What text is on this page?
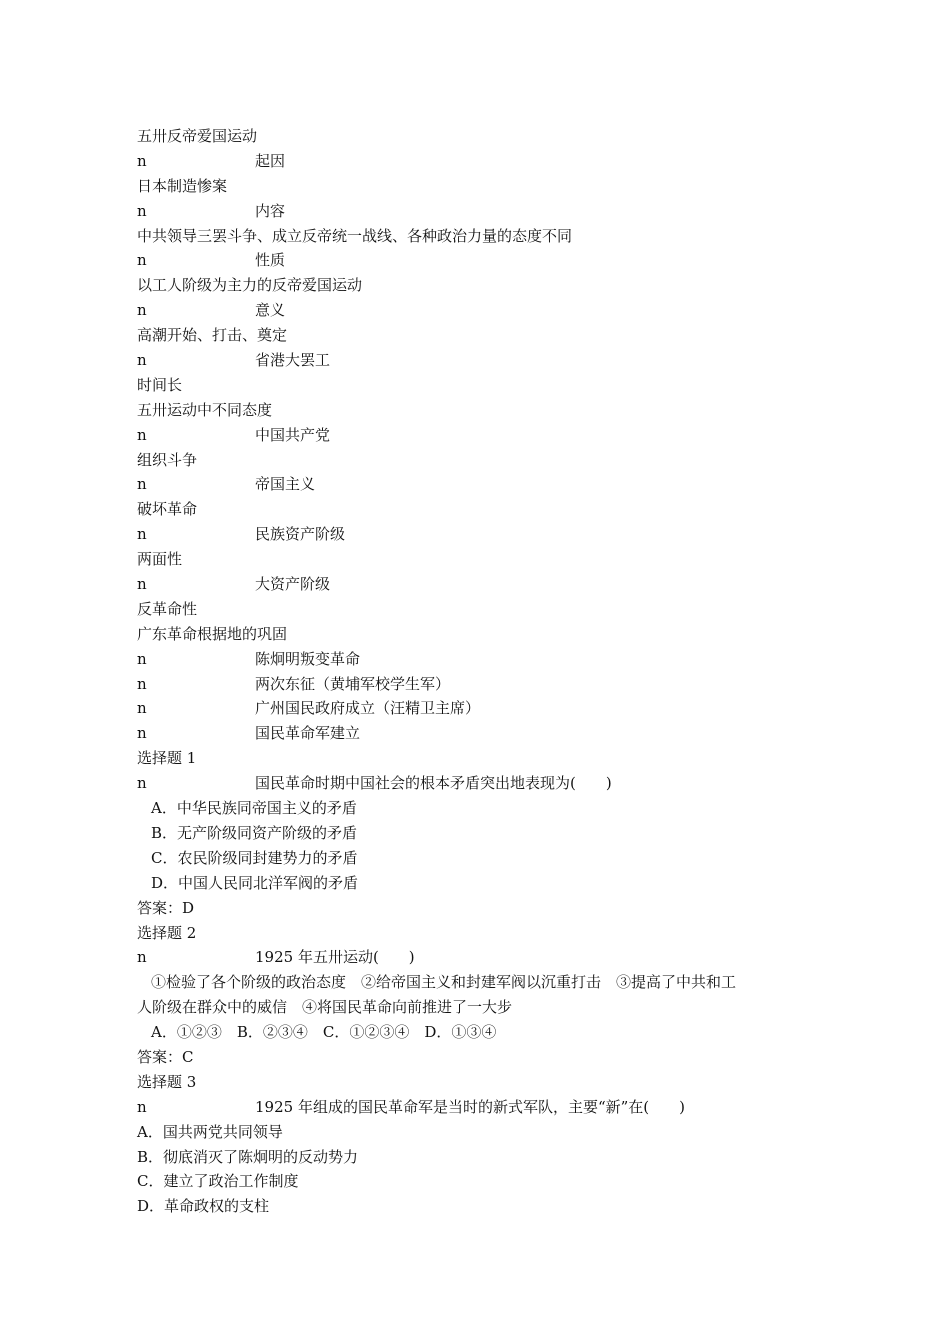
五卅反帝爱国运动
n	起因
日本制造惨案
n	内容
中共领导三罢斗争、成立反帝统一战线、各种政治力量的态度不同
n	性质
以工人阶级为主力的反帝爱国运动
n	意义
高潮开始、打击、奠定
n	省港大罢工
时间长
五卅运动中不同态度
n	中国共产党
组织斗争
n	帝国主义
破坏革命
n	民族资产阶级
两面性
n	大资产阶级
反革命性
广东革命根据地的巩固
n	陈炯明叛变革命
n	两次东征（黄埔军校学生军）
n	广州国民政府成立（汪精卫主席）
n	国民革命军建立
选择题 1
n	国民革命时期中国社会的根本矛盾突出地表现为(　　)
A．中华民族同帝国主义的矛盾
B．无产阶级同资产阶级的矛盾
C．农民阶级同封建势力的矛盾
D．中国人民同北洋军阀的矛盾
答案：D
选择题 2
n	1925 年五卅运动(　　)
①检验了各个阶级的政治态度　②给帝国主义和封建军阀以沉重打击　③提高了中共和工
人阶级在群众中的威信　④将国民革命向前推进了一大步
A．①②③　B．②③④　C．①②③④　D．①③④
答案：C
选择题 3
n	1925 年组成的国民革命军是当时的新式军队，主要“新”在(　　)
A．国共两党共同领导
B．彻底消灭了陈炯明的反动势力
C．建立了政治工作制度
D．革命政权的支柱
